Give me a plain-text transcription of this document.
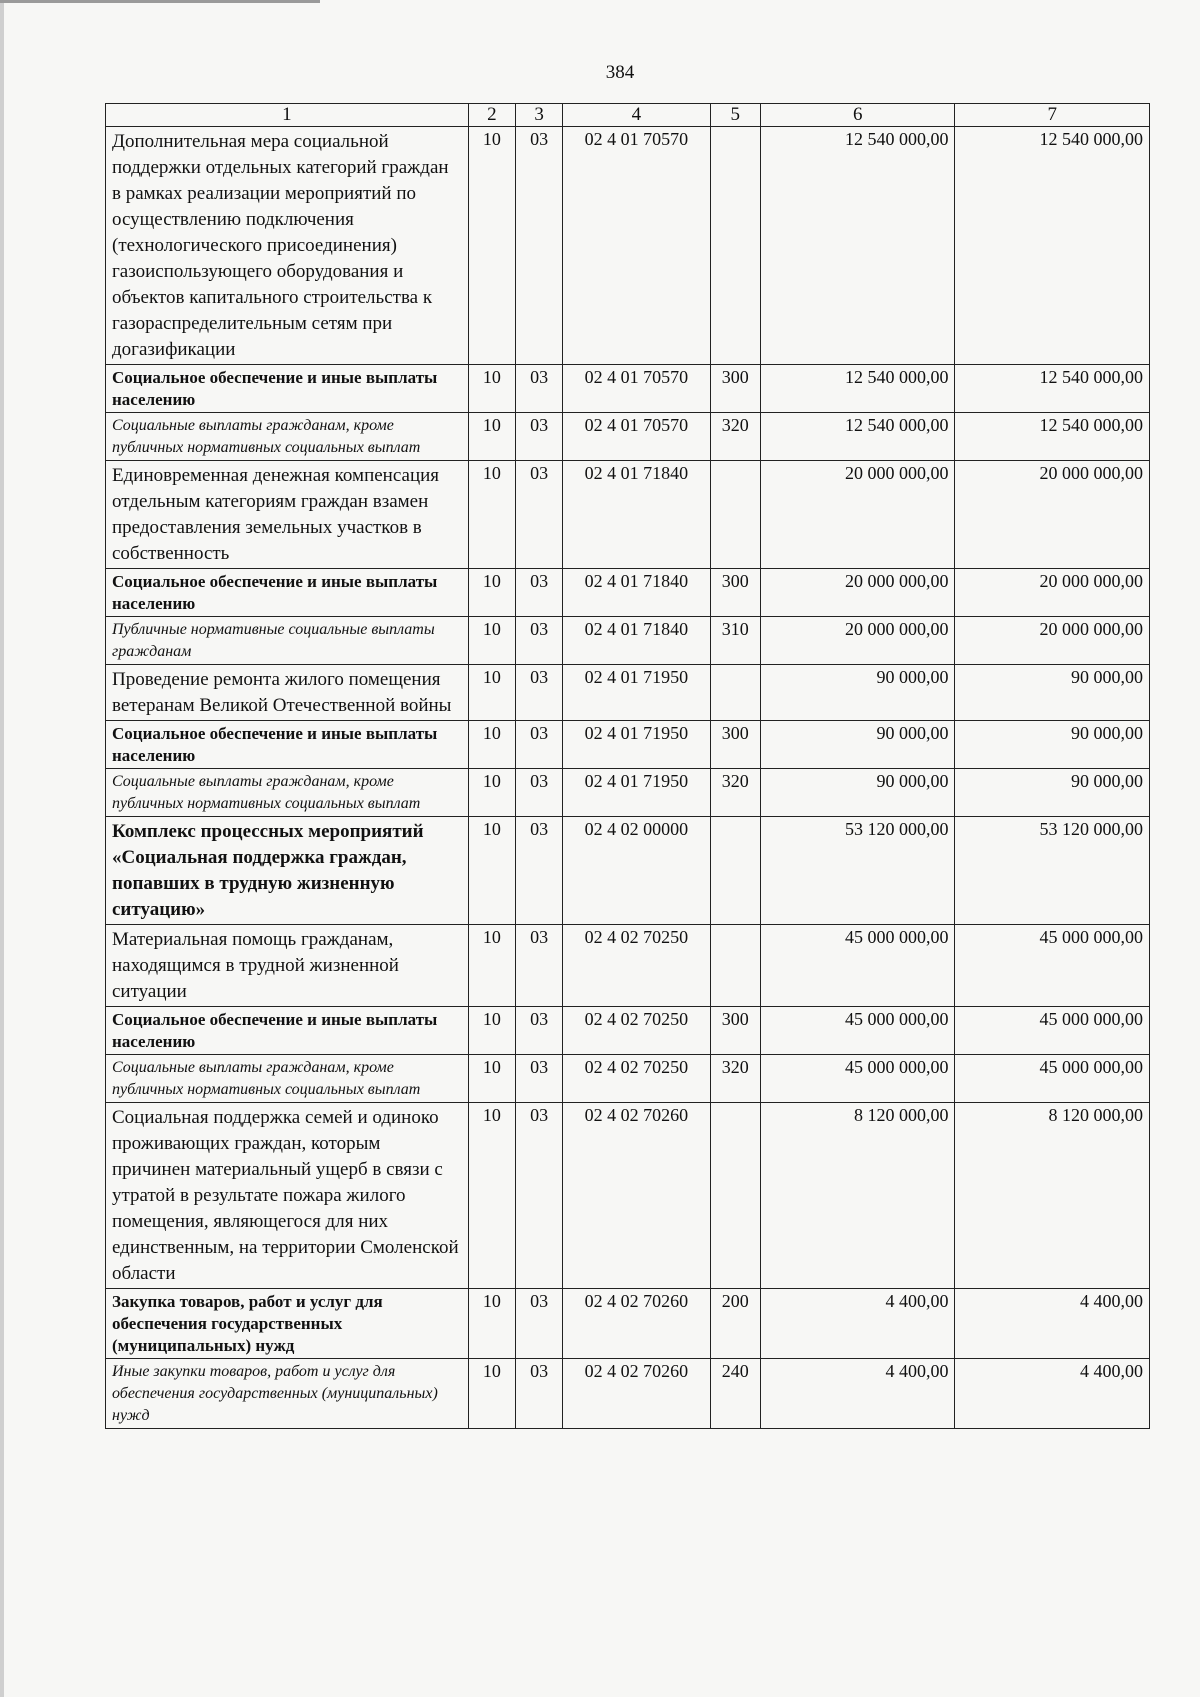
384
1	2	3	4	5	6	7
Дополнительная мера социальной поддержки отдельных категорий граждан в рамках реализации мероприятий по осуществлению подключения (технологического присоединения) газоиспользующего оборудования и объектов капитального строительства к газораспределительным сетям при догазификации	10	03	02 4 01 70570		12 540 000,00	12 540 000,00
Социальное обеспечение и иные выплаты населению	10	03	02 4 01 70570	300	12 540 000,00	12 540 000,00
Социальные выплаты гражданам, кроме публичных нормативных социальных выплат	10	03	02 4 01 70570	320	12 540 000,00	12 540 000,00
Единовременная денежная компенсация отдельным категориям граждан взамен предоставления земельных участков в собственность	10	03	02 4 01 71840		20 000 000,00	20 000 000,00
Социальное обеспечение и иные выплаты населению	10	03	02 4 01 71840	300	20 000 000,00	20 000 000,00
Публичные нормативные социальные выплаты гражданам	10	03	02 4 01 71840	310	20 000 000,00	20 000 000,00
Проведение ремонта жилого помещения ветеранам Великой Отечественной войны	10	03	02 4 01 71950		90 000,00	90 000,00
Социальное обеспечение и иные выплаты населению	10	03	02 4 01 71950	300	90 000,00	90 000,00
Социальные выплаты гражданам, кроме публичных нормативных социальных выплат	10	03	02 4 01 71950	320	90 000,00	90 000,00
Комплекс процессных мероприятий «Социальная поддержка граждан, попавших в трудную жизненную ситуацию»	10	03	02 4 02 00000		53 120 000,00	53 120 000,00
Материальная помощь гражданам, находящимся в трудной жизненной ситуации	10	03	02 4 02 70250		45 000 000,00	45 000 000,00
Социальное обеспечение и иные выплаты населению	10	03	02 4 02 70250	300	45 000 000,00	45 000 000,00
Социальные выплаты гражданам, кроме публичных нормативных социальных выплат	10	03	02 4 02 70250	320	45 000 000,00	45 000 000,00
Социальная поддержка семей и одиноко проживающих граждан, которым причинен материальный ущерб в связи с утратой в результате пожара жилого помещения, являющегося для них единственным, на территории Смоленской области	10	03	02 4 02 70260		8 120 000,00	8 120 000,00
Закупка товаров, работ и услуг для обеспечения государственных (муниципальных) нужд	10	03	02 4 02 70260	200	4 400,00	4 400,00
Иные закупки товаров, работ и услуг для обеспечения государственных (муниципальных) нужд	10	03	02 4 02 70260	240	4 400,00	4 400,00
